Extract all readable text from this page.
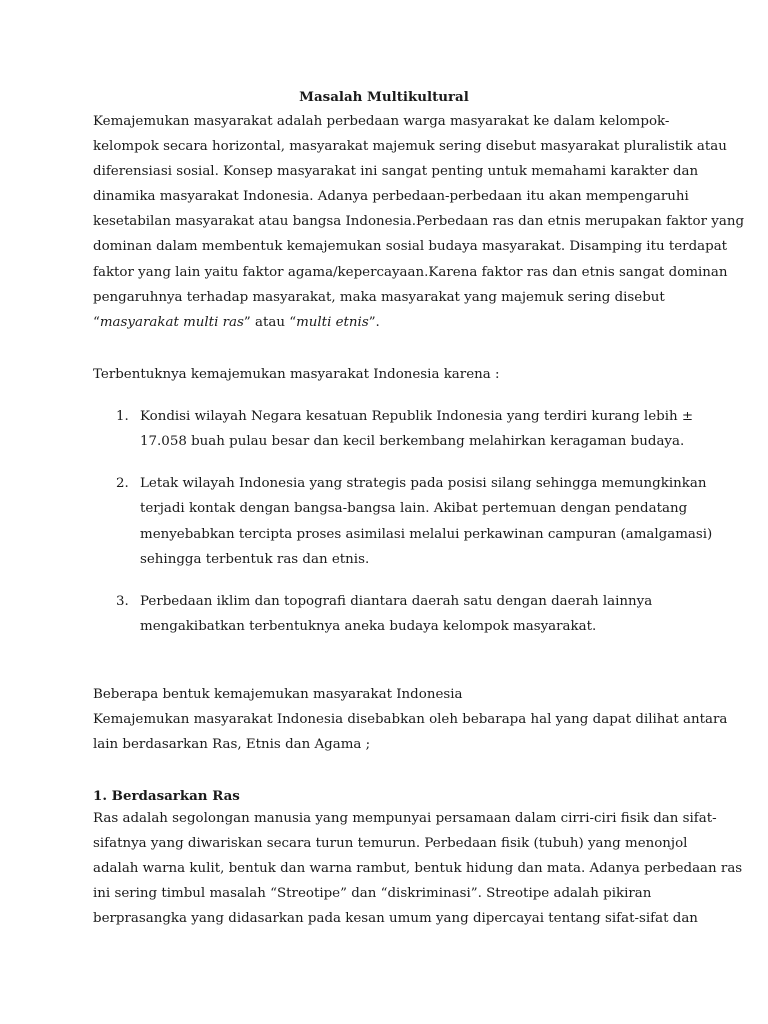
Masalah Multikultural
Kemajemukan masyarakat adalah perbedaan warga masyarakat ke dalam kelompok-
kelompok secara horizontal, masyarakat majemuk sering disebut masyarakat pluralistik atau
diferensiasi sosial. Konsep masyarakat ini sangat penting untuk memahami karakter dan
dinamika masyarakat Indonesia. Adanya perbedaan-perbedaan itu akan mempengaruhi
kesetabilan masyarakat atau bangsa Indonesia.Perbedaan ras dan etnis merupakan faktor yang
dominan dalam membentuk kemajemukan sosial budaya masyarakat. Disamping itu terdapat
faktor yang lain yaitu faktor agama/kepercayaan.Karena faktor ras dan etnis sangat dominan
pengaruhnya terhadap masyarakat, maka masyarakat yang majemuk sering disebut
“masyarakat multi ras” atau “multi etnis”.
Terbentuknya kemajemukan masyarakat Indonesia karena :
1. Kondisi wilayah Negara kesatuan Republik Indonesia yang terdiri kurang lebih ±
17.058 buah pulau besar dan kecil berkembang melahirkan keragaman budaya.
2. Letak wilayah Indonesia yang strategis pada posisi silang sehingga memungkinkan
terjadi kontak dengan bangsa-bangsa lain. Akibat pertemuan dengan pendatang
menyebabkan tercipta proses asimilasi melalui perkawinan campuran (amalgamasi)
sehingga terbentuk ras dan etnis.
3. Perbedaan iklim dan topografi diantara daerah satu dengan daerah lainnya
mengakibatkan terbentuknya aneka budaya kelompok masyarakat.
Beberapa bentuk kemajemukan masyarakat Indonesia
Kemajemukan masyarakat Indonesia disebabkan oleh bebarapa hal yang dapat dilihat antara
lain berdasarkan Ras, Etnis dan Agama ;
1. Berdasarkan Ras
Ras adalah segolongan manusia yang mempunyai persamaan dalam cirri-ciri fisik dan sifat-
sifatnya yang diwariskan secara turun temurun. Perbedaan fisik (tubuh) yang menonjol
adalah warna kulit, bentuk dan warna rambut, bentuk hidung dan mata. Adanya perbedaan ras
ini sering timbul masalah “Streotipe” dan “diskriminasi”. Streotipe adalah pikiran
berprasangka yang didasarkan pada kesan umum yang dipercayai tentang sifat-sifat dan
